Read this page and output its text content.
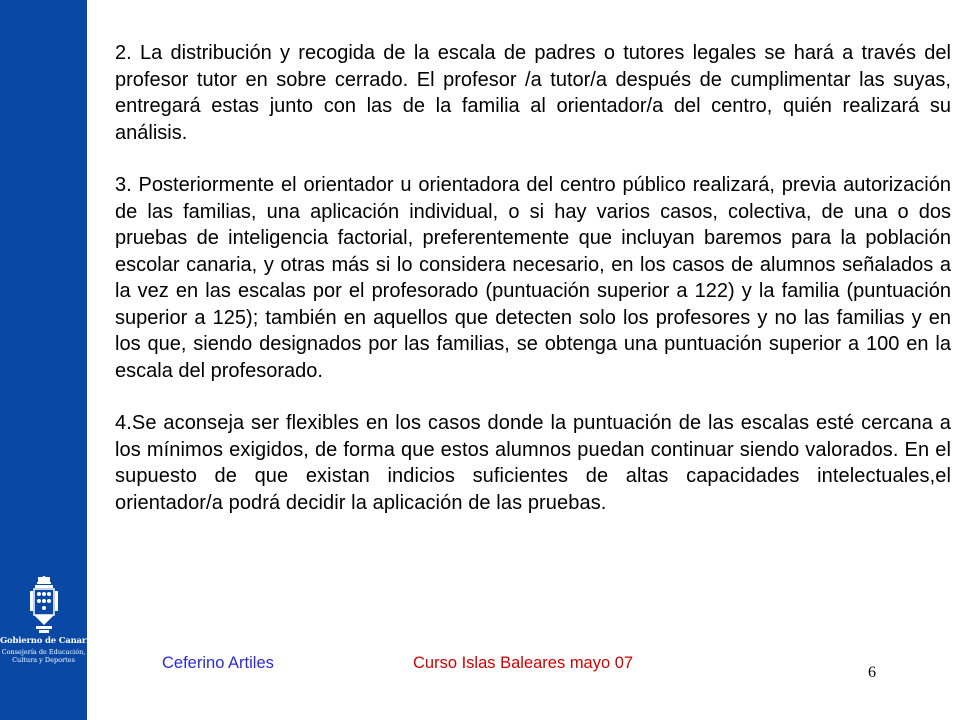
Gobierno de Canarias
Consejería de Educación,
Cultura y Deportes

2. La distribución y recogida de la escala de padres o tutores legales se hará a través del profesor tutor en sobre cerrado. El profesor /a tutor/a después de cumplimentar las suyas, entregará estas junto con las de la familia al orientador/a del centro, quién realizará su análisis.

3. Posteriormente el orientador u orientadora del centro público realizará, previa autorización de las familias, una aplicación individual, o si hay varios casos, colectiva, de una o dos pruebas de inteligencia factorial, preferentemente que incluyan baremos para la población escolar canaria, y otras más si lo considera necesario, en los casos de alumnos señalados a la vez en las escalas por el profesorado (puntuación superior a 122) y la familia (puntuación superior a 125); también en aquellos que detecten solo los profesores y no las familias y en los que, siendo designados por las familias, se obtenga una puntuación superior a 100 en la escala del profesorado.

4.Se aconseja ser flexibles en los casos donde la puntuación de las escalas esté cercana a los mínimos exigidos, de forma que estos alumnos puedan continuar siendo valorados. En el supuesto de que existan indicios suficientes de altas capacidades intelectuales,el orientador/a podrá decidir la aplicación de las pruebas.

Ceferino Artiles	Curso Islas Baleares mayo 07
6
